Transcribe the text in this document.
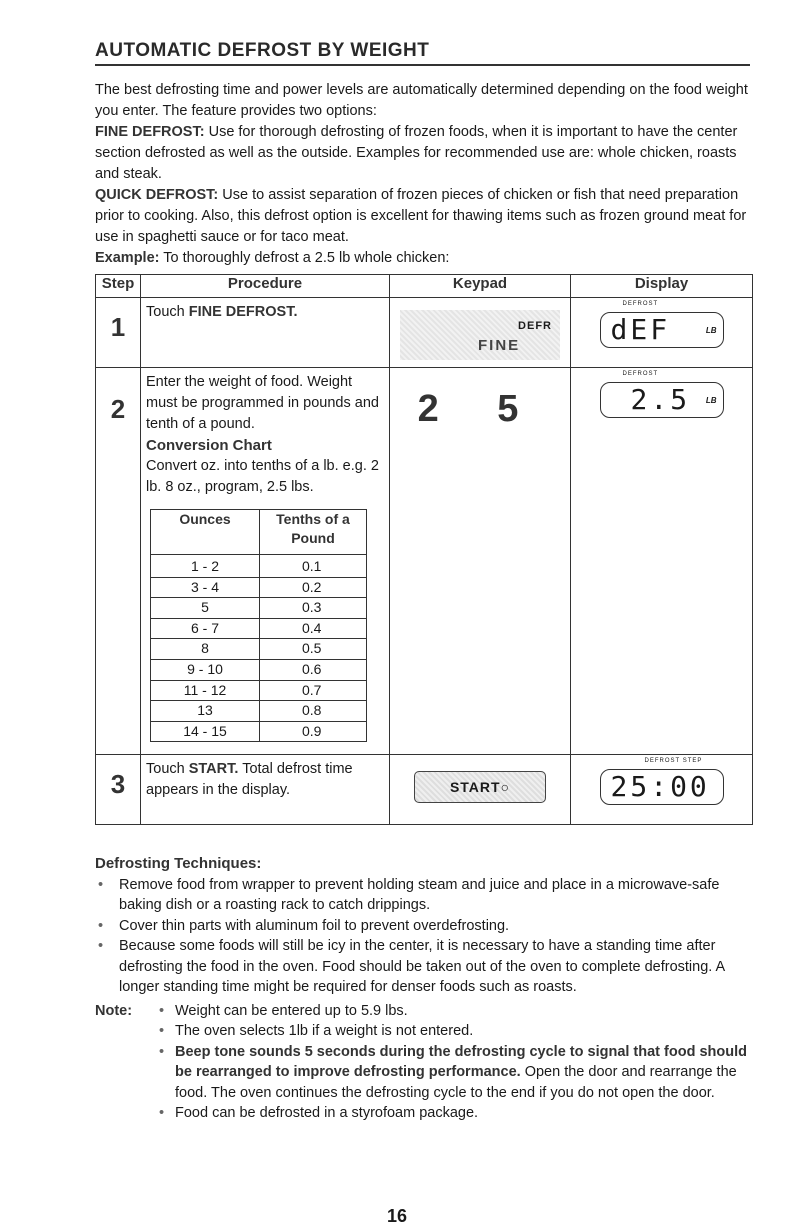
AUTOMATIC DEFROST BY WEIGHT

The best defrosting time and power levels are automatically determined depending on the food weight you enter. The feature provides two options:

FINE DEFROST: Use for thorough defrosting of frozen foods, when it is important to have the center section defrosted as well as the outside. Examples for recommended use are: whole chicken, roasts and steak.

QUICK DEFROST: Use to assist separation of frozen pieces of chicken or fish that need preparation prior to cooking. Also, this defrost option is excellent for thawing items such as frozen ground meat for use in spaghetti sauce or for taco meat.

Example: To thoroughly defrost a 2.5 lb whole chicken:

Step	Procedure	Keypad	Display

1	Touch FINE DEFROST.	
DEFR
FINE

DEFROST
dEF	LB

2

Enter the weight of food. Weight must be programmed in pounds and tenth of a pound.
Conversion Chart
Convert oz. into tenths of a lb. e.g. 2 lb. 8 oz., program, 2.5 lbs.
Ounces	Tenths of a Pound
1 - 2	0.1
3 - 4	0.2
5	0.3
6 - 7	0.4
8	0.5
9 - 10	0.6
11 - 12	0.7
13	0.8
14 - 15	0.9

2 5

DEFROST
2.5 LB

3	Touch START. Total defrost time appears in the display.	START○	
DEFROST STEP
25:00
Defrosting Techniques:
• Remove food from wrapper to prevent holding steam and juice and place in a microwave-safe baking dish or a roasting rack to catch drippings.
• Cover thin parts with aluminum foil to prevent overdefrosting.
• Because some foods will still be icy in the center, it is necessary to have a standing time after defrosting the food in the oven. Food should be taken out of the oven to complete defrosting. A longer standing time might be required for denser foods such as roasts.
Note:
•	Weight can be entered up to 5.9 lbs.
• The oven selects 1lb if a weight is not entered.
• Beep tone sounds 5 seconds during the defrosting cycle to signal that food should be rearranged to improve defrosting performance. Open the door and rearrange the food. The oven continues the defrosting cycle to the end if you do not open the door.
• Food can be defrosted in a styrofoam package.
16
